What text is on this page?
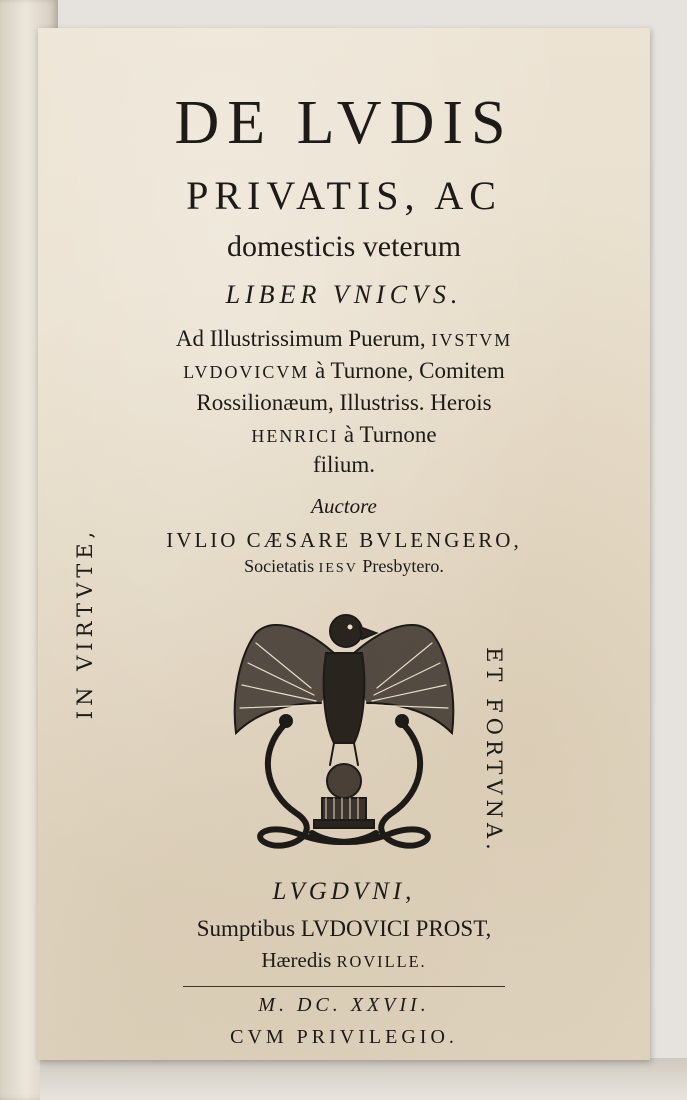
DE LVDIS
PRIVATIS, AC
domesticis veterum
LIBER VNICVS.
Ad Illustrissimum Puerum, IVSTVM
LVDOVICVM à Turnone, Comitem
Rossilionæum, Illustriss. Herois
HENRICI à Turnone
filium.
Auctore
IVLIO CÆSARE BVLENGERO,
Societatis IESV Presbytero.
IN VIRTVTE,
ET FORTVNA.
LVGDVNI,
Sumptibus LVDOVICI PROST,
Hæredis ROVILLE.
M. DC. XXVII.
CVM PRIVILEGIO.
